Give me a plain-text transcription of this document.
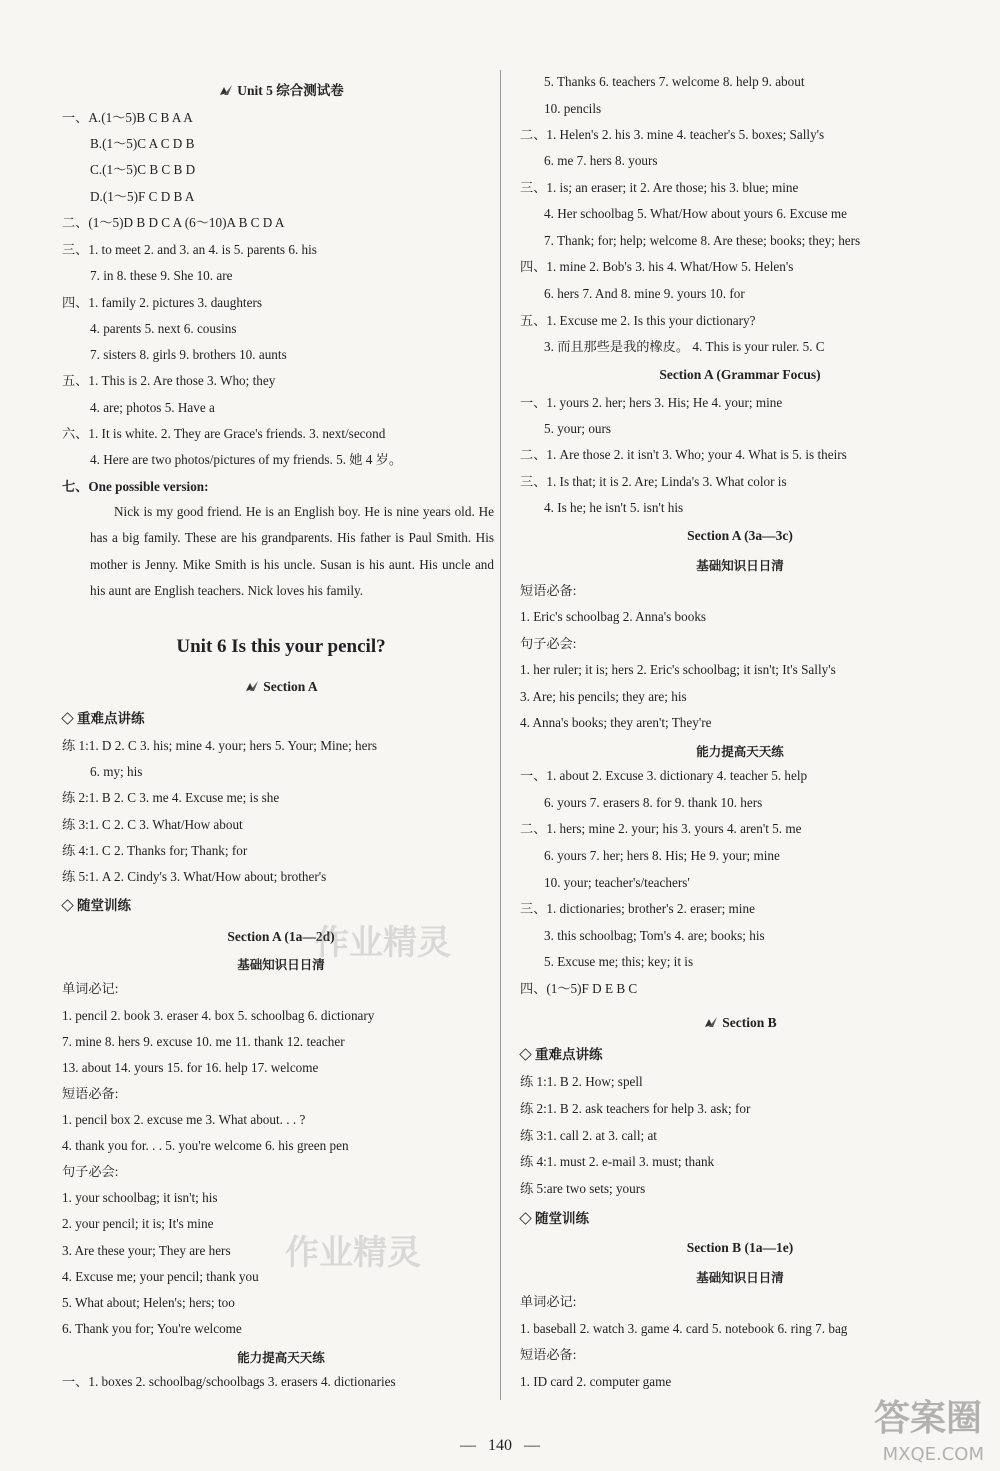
Unit 5 综合测试卷
一、A.(1～5)B C B A A
B.(1～5)C A C D B
C.(1～5)C B C B D
D.(1～5)F C D B A
二、(1～5)D B D C A (6～10)A B C D A
三、1. to meet 2. and 3. an 4. is 5. parents 6. his
7. in 8. these 9. She 10. are
四、1. family 2. pictures 3. daughters
4. parents 5. next 6. cousins
7. sisters 8. girls 9. brothers 10. aunts
五、1. This is 2. Are those 3. Who; they
4. are; photos 5. Have a
六、1. It is white. 2. They are Grace's friends. 3. next/second
4. Here are two photos/pictures of my friends. 5. 她 4 岁。
七、One possible version:
Nick is my good friend. He is an English boy. He is nine years old. He has a big family. These are his grandparents. His father is Paul Smith. His mother is Jenny. Mike Smith is his uncle. Susan is his aunt. His uncle and his aunt are English teachers. Nick loves his family.
Unit 6 Is this your pencil?
Section A
重难点讲练
练 1:1. D 2. C 3. his; mine 4. your; hers 5. Your; Mine; hers
6. my; his
练 2:1. B 2. C 3. me 4. Excuse me; is she
练 3:1. C 2. C 3. What/How about
练 4:1. C 2. Thanks for; Thank; for
练 5:1. A 2. Cindy's 3. What/How about; brother's
随堂训练
Section A (1a—2d)
基础知识日日清
单词必记:
1. pencil 2. book 3. eraser 4. box 5. schoolbag 6. dictionary
7. mine 8. hers 9. excuse 10. me 11. thank 12. teacher
13. about 14. yours 15. for 16. help 17. welcome
短语必备:
1. pencil box 2. excuse me 3. What about. . . ?
4. thank you for. . . 5. you're welcome 6. his green pen
句子必会:
1. your schoolbag; it isn't; his
2. your pencil; it is; It's mine
3. Are these your; They are hers
4. Excuse me; your pencil; thank you
5. What about; Helen's; hers; too
6. Thank you for; You're welcome
能力提高天天练
一、1. boxes 2. schoolbag/schoolbags 3. erasers 4. dictionaries
5. Thanks 6. teachers 7. welcome 8. help 9. about
10. pencils
二、1. Helen's 2. his 3. mine 4. teacher's 5. boxes; Sally's
6. me 7. hers 8. yours
三、1. is; an eraser; it 2. Are those; his 3. blue; mine
4. Her schoolbag 5. What/How about yours 6. Excuse me
7. Thank; for; help; welcome 8. Are these; books; they; hers
四、1. mine 2. Bob's 3. his 4. What/How 5. Helen's
6. hers 7. And 8. mine 9. yours 10. for
五、1. Excuse me 2. Is this your dictionary?
3. 而且那些是我的橡皮。 4. This is your ruler. 5. C
Section A (Grammar Focus)
一、1. yours 2. her; hers 3. His; He 4. your; mine
5. your; ours
二、1. Are those 2. it isn't 3. Who; your 4. What is 5. is theirs
三、1. Is that; it is 2. Are; Linda's 3. What color is
4. Is he; he isn't 5. isn't his
Section A (3a—3c)
基础知识日日清
短语必备:
1. Eric's schoolbag 2. Anna's books
句子必会:
1. her ruler; it is; hers 2. Eric's schoolbag; it isn't; It's Sally's
3. Are; his pencils; they are; his
4. Anna's books; they aren't; They're
能力提高天天练
一、1. about 2. Excuse 3. dictionary 4. teacher 5. help
6. yours 7. erasers 8. for 9. thank 10. hers
二、1. hers; mine 2. your; his 3. yours 4. aren't 5. me
6. yours 7. her; hers 8. His; He 9. your; mine
10. your; teacher's/teachers'
三、1. dictionaries; brother's 2. eraser; mine
3. this schoolbag; Tom's 4. are; books; his
5. Excuse me; this; key; it is
四、(1～5)F D E B C
Section B
重难点讲练
练 1:1. B 2. How; spell
练 2:1. B 2. ask teachers for help 3. ask; for
练 3:1. call 2. at 3. call; at
练 4:1. must 2. e-mail 3. must; thank
练 5:are two sets; yours
随堂训练
Section B (1a—1e)
基础知识日日清
单词必记:
1. baseball 2. watch 3. game 4. card 5. notebook 6. ring 7. bag
短语必备:
1. ID card 2. computer game
作业精灵
作业精灵
—   140   —
答案圈
MXQE.COM
